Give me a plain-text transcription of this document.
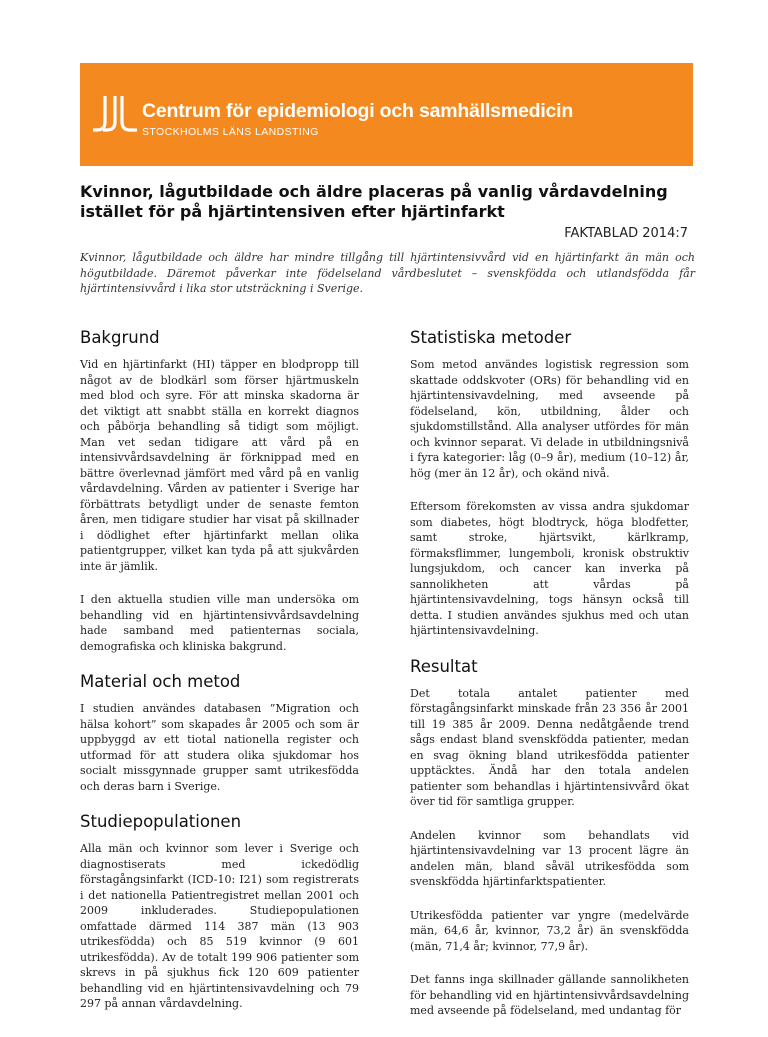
Centrum för epidemiologi och samhällsmedicin
STOCKHOLMS LÄNS LANDSTING
Kvinnor, lågutbildade och äldre placeras på vanlig vårdavdelning istället för på hjärtintensiven efter hjärtinfarkt
FAKTABLAD 2014:7

Kvinnor, lågutbildade och äldre har mindre tillgång till hjärtintensivvård vid en hjärtinfarkt än män och högutbildade. Däremot påverkar inte födelseland vårdbeslutet – svenskfödda och utlandsfödda får hjärtintensivvård i lika stor utsträckning i Sverige.

Bakgrund

Vid en hjärtinfarkt (HI) täpper en blodpropp till något av de blodkärl som förser hjärtmuskeln med blod och syre. För att minska skadorna är det viktigt att snabbt ställa en korrekt diagnos och påbörja behandling så tidigt som möjligt. Man vet sedan tidigare att vård på en intensivvårdsavdelning är förknippad med en bättre överlevnad jämfört med vård på en vanlig vårdavdelning. Vården av patienter i Sverige har förbättrats betydligt under de senaste femton åren, men tidigare studier har visat på skillnader i dödlighet efter hjärtinfarkt mellan olika patientgrupper, vilket kan tyda på att sjukvården inte är jämlik.

I den aktuella studien ville man undersöka om behandling vid en hjärtintensivvårdsavdelning hade samband med patienternas sociala, demografiska och kliniska bakgrund.

Material och metod

I studien användes databasen ”Migration och hälsa kohort” som skapades år 2005 och som är uppbyggd av ett tiotal nationella register och utformad för att studera olika sjukdomar hos socialt missgynnade grupper samt utrikesfödda och deras barn i Sverige.

Studiepopulationen

Alla män och kvinnor som lever i Sverige och diagnostiserats med ickedödlig förstagångsinfarkt (ICD-10: I21) som registrerats i det nationella Patientregistret mellan 2001 och 2009 inkluderades. Studiepopulationen omfattade därmed 114 387 män (13 903 utrikesfödda) och 85 519 kvinnor (9 601 utrikesfödda). Av de totalt 199 906 patienter som skrevs in på sjukhus fick 120 609 patienter behandling vid en hjärtintensivavdelning och 79 297 på annan vårdavdelning.

Statistiska metoder

Som metod användes logistisk regression som skattade oddskvoter (ORs) för behandling vid en hjärtintensivavdelning, med avseende på födelseland, kön, utbildning, ålder och sjukdomstillstånd. Alla analyser utfördes för män och kvinnor separat. Vi delade in utbildningsnivå i fyra kategorier: låg (0–9 år), medium (10–12) år, hög (mer än 12 år), och okänd nivå.

Eftersom förekomsten av vissa andra sjukdomar som diabetes, högt blodtryck, höga blodfetter, samt stroke, hjärtsvikt, kärlkramp, förmaksflimmer, lungemboli, kronisk obstruktiv lungsjukdom, och cancer kan inverka på sannolikheten att vårdas på hjärtintensivavdelning, togs hänsyn också till detta. I studien användes sjukhus med och utan hjärtintensivavdelning.

Resultat

Det totala antalet patienter med förstagångsinfarkt minskade från 23 356 år 2001 till 19 385 år 2009. Denna nedåtgående trend sågs endast bland svenskfödda patienter, medan en svag ökning bland utrikesfödda patienter upptäcktes. Ändå har den totala andelen patienter som behandlas i hjärtintensivvård ökat över tid för samtliga grupper.

Andelen kvinnor som behandlats vid hjärtintensivavdelning var 13 procent lägre än andelen män, bland såväl utrikesfödda som svenskfödda hjärtinfarktspatienter.

Utrikesfödda patienter var yngre (medelvärde män, 64,6 år, kvinnor, 73,2 år) än svenskfödda (män, 71,4 år; kvinnor, 77,9 år).

Det fanns inga skillnader gällande sannolikheten för behandling vid en hjärtintensivvårdsavdelning med avseende på födelseland, med undantag för
